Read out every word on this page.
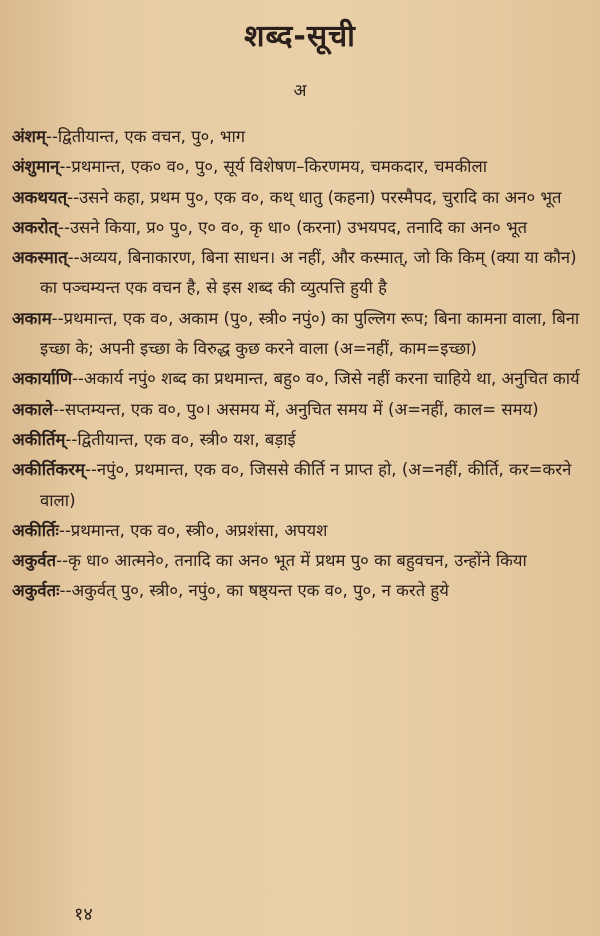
शब्द-सूची
अ
अंशम्--द्वितीयान्त, एक वचन, पु०, भाग
अंशुमान्--प्रथमान्त, एक० व०, पु०, सूर्य विशेषण–किरणमय, चमकदार, चमकीला
अकथयत्--उसने कहा, प्रथम पु०, एक व०, कथ् धातु (कहना) परस्मैपद, चुरादि का अन० भूत
अकरोत्--उसने किया, प्र० पु०, ए० व०, कृ धा० (करना) उभयपद, तनादि का अन० भूत
अकस्मात्--अव्यय, बिनाकारण, बिना साधन। अ नहीं, और कस्मात्, जो कि किम् (क्या या कौन) का पञ्चम्यन्त एक वचन है, से इस शब्द की व्युत्पत्ति हुयी है
अकाम--प्रथमान्त, एक व०, अकाम (पु०, स्त्री० नपुं०) का पुल्लिग रूप; बिना कामना वाला, बिना इच्छा के; अपनी इच्छा के विरुद्ध कुछ करने वाला (अ=नहीं, काम=इच्छा)
अकार्याणि--अकार्य नपुं० शब्द का प्रथमान्त, बहु० व०, जिसे नहीं करना चाहिये था, अनुचित कार्य
अकाले--सप्तम्यन्त, एक व०, पु०। असमय में, अनुचित समय में (अ=नहीं, काल= समय)
अकीर्तिम्--द्वितीयान्त, एक व०, स्त्री० यश, बड़ाई
अकीर्तिकरम्--नपुं०, प्रथमान्त, एक व०, जिससे कीर्ति न प्राप्त हो, (अ=नहीं, कीर्ति, कर=करने वाला)
अकीर्तिः--प्रथमान्त, एक व०, स्त्री०, अप्रशंसा, अपयश
अकुर्वत--कृ धा० आत्मने०, तनादि का अन० भूत में प्रथम पु० का बहुवचन, उन्होंने किया
अकुर्वतः--अकुर्वत् पु०, स्त्री०, नपुं०, का षष्ठ्यन्त एक व०, पु०, न करते हुये
१४
